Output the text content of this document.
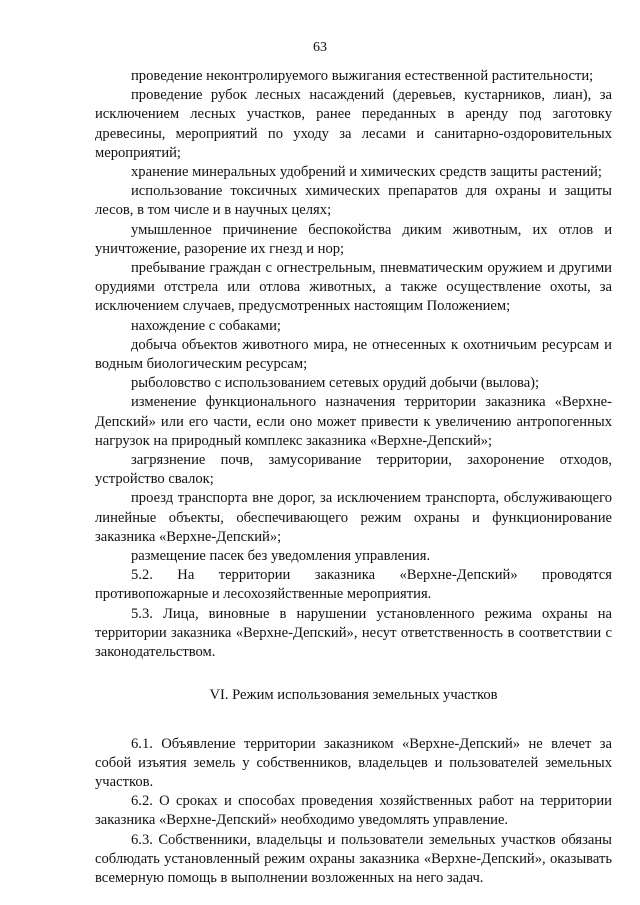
63

проведение неконтролируемого выжигания естественной растительности;

проведение рубок лесных насаждений (деревьев, кустарников, лиан), за исключением лесных участков, ранее переданных в аренду под заготовку древесины, мероприятий по уходу за лесами и санитарно-оздоровительных мероприятий;

хранение минеральных удобрений и химических средств защиты растений;

использование токсичных химических препаратов для охраны и защиты лесов, в том числе и в научных целях;

умышленное причинение беспокойства диким животным, их отлов и уничтожение, разорение их гнезд и нор;

пребывание граждан с огнестрельным, пневматическим оружием и другими орудиями отстрела или отлова животных, а также осуществление охоты, за исключением случаев, предусмотренных настоящим Положением;

нахождение с собаками;

добыча объектов животного мира, не отнесенных к охотничьим ресурсам и водным биологическим ресурсам;

рыболовство с использованием сетевых орудий добычи (вылова);

изменение функционального назначения территории заказника «Верхне-Депский» или его части, если оно может привести к увеличению антропогенных нагрузок на природный комплекс заказника «Верхне-Депский»;

загрязнение почв, замусоривание территории, захоронение отходов, устройство свалок;

проезд транспорта вне дорог, за исключением транспорта, обслуживающего линейные объекты, обеспечивающего режим охраны и функционирование заказника «Верхне-Депский»;

размещение пасек без уведомления управления.

5.2. На территории заказника «Верхне-Депский» проводятся противопожарные и лесохозяйственные мероприятия.

5.3. Лица, виновные в нарушении установленного режима охраны на территории заказника «Верхне-Депский», несут ответственность в соответствии с законодательством.

VI. Режим использования земельных участков

6.1. Объявление территории заказником «Верхне-Депский» не влечет за собой изъятия земель у собственников, владельцев и пользователей земельных участков.

6.2. О сроках и способах проведения хозяйственных работ на территории заказника «Верхне-Депский» необходимо уведомлять управление.

6.3. Собственники, владельцы и пользователи земельных участков обязаны соблюдать установленный режим охраны заказника «Верхне-Депский», оказывать всемерную помощь в выполнении возложенных на него задач.
